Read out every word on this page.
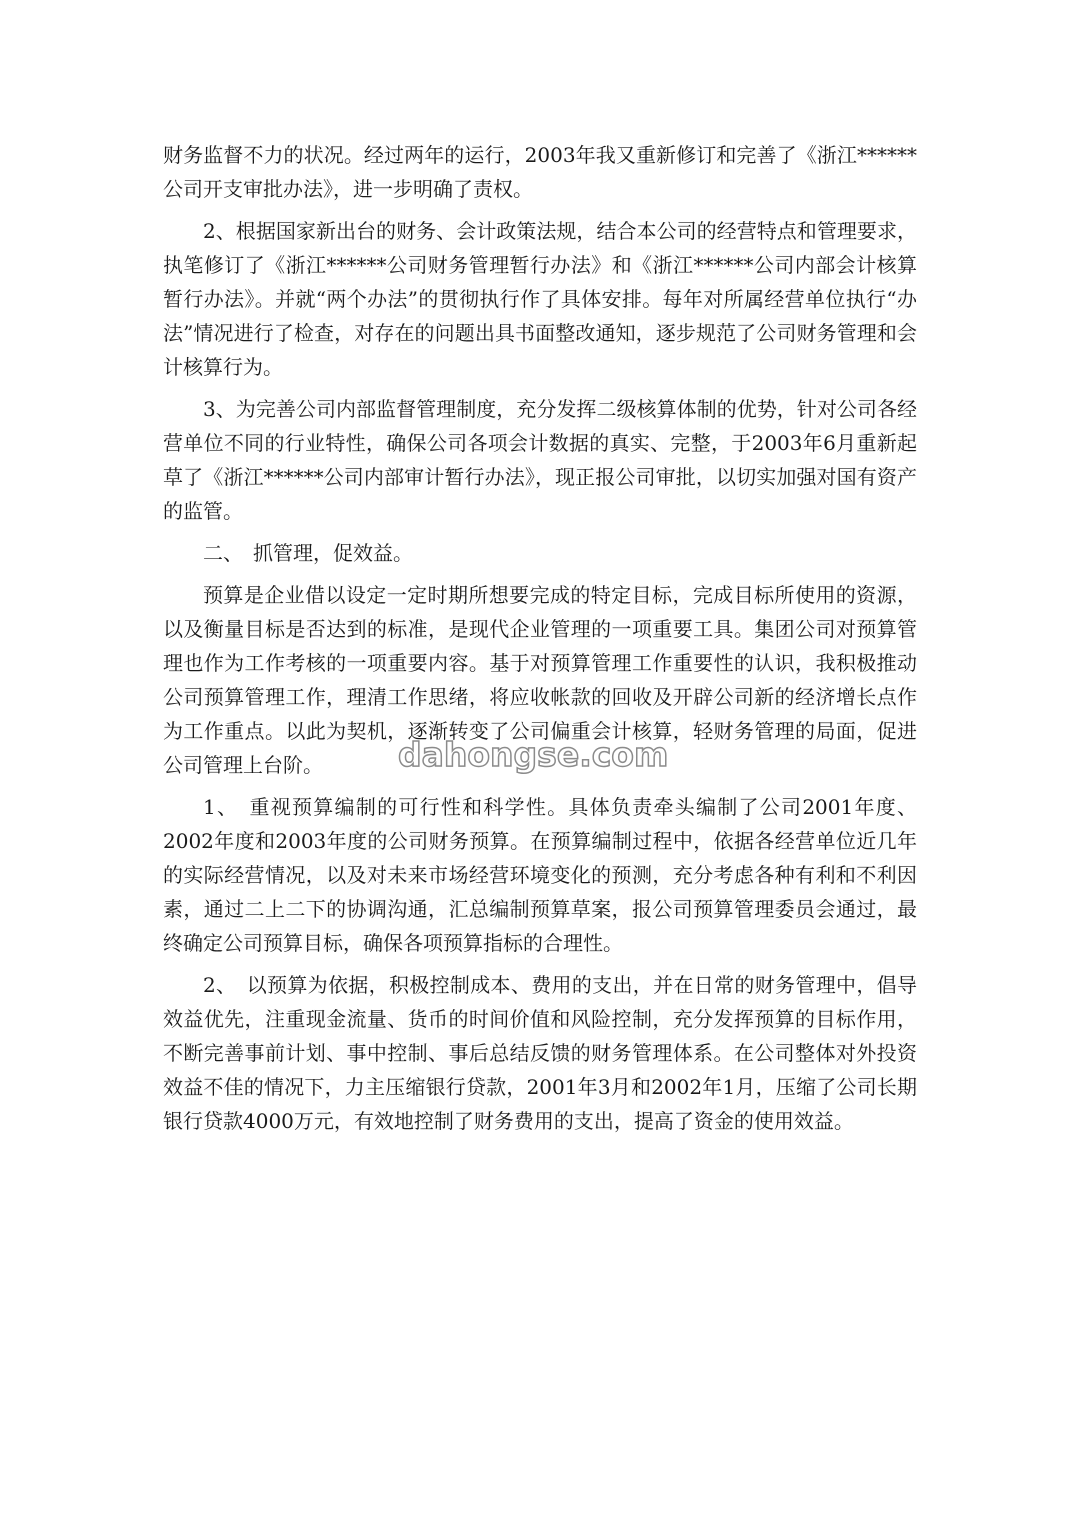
财务监督不力的状况。经过两年的运行，2003年我又重新修订和完善了《浙江******公司开支审批办法》，进一步明确了责权。

2、根据国家新出台的财务、会计政策法规，结合本公司的经营特点和管理要求，执笔修订了《浙江******公司财务管理暂行办法》和《浙江******公司内部会计核算暂行办法》。并就“两个办法”的贯彻执行作了具体安排。每年对所属经营单位执行“办法”情况进行了检查，对存在的问题出具书面整改通知，逐步规范了公司财务管理和会计核算行为。

3、为完善公司内部监督管理制度，充分发挥二级核算体制的优势，针对公司各经营单位不同的行业特性，确保公司各项会计数据的真实、完整，于2003年6月重新起草了《浙江******公司内部审计暂行办法》，现正报公司审批，以切实加强对国有资产的监管。

二、　抓管理，促效益。

预算是企业借以设定一定时期所想要完成的特定目标，完成目标所使用的资源，以及衡量目标是否达到的标准，是现代企业管理的一项重要工具。集团公司对预算管理也作为工作考核的一项重要内容。基于对预算管理工作重要性的认识，我积极推动公司预算管理工作，理清工作思绪，将应收帐款的回收及开辟公司新的经济增长点作为工作重点。以此为契机，逐渐转变了公司偏重会计核算，轻财务管理的局面，促进公司管理上台阶。

1、　重视预算编制的可行性和科学性。具体负责牵头编制了公司2001年度、2002年度和2003年度的公司财务预算。在预算编制过程中，依据各经营单位近几年的实际经营情况，以及对未来市场经营环境变化的预测，充分考虑各种有利和不利因素，通过二上二下的协调沟通，汇总编制预算草案，报公司预算管理委员会通过，最终确定公司预算目标，确保各项预算指标的合理性。

2、　以预算为依据，积极控制成本、费用的支出，并在日常的财务管理中，倡导效益优先，注重现金流量、货币的时间价值和风险控制，充分发挥预算的目标作用，不断完善事前计划、事中控制、事后总结反馈的财务管理体系。在公司整体对外投资效益不佳的情况下，力主压缩银行贷款，2001年3月和2002年1月，压缩了公司长期银行贷款4000万元，有效地控制了财务费用的支出，提高了资金的使用效益。

dahongse.com
